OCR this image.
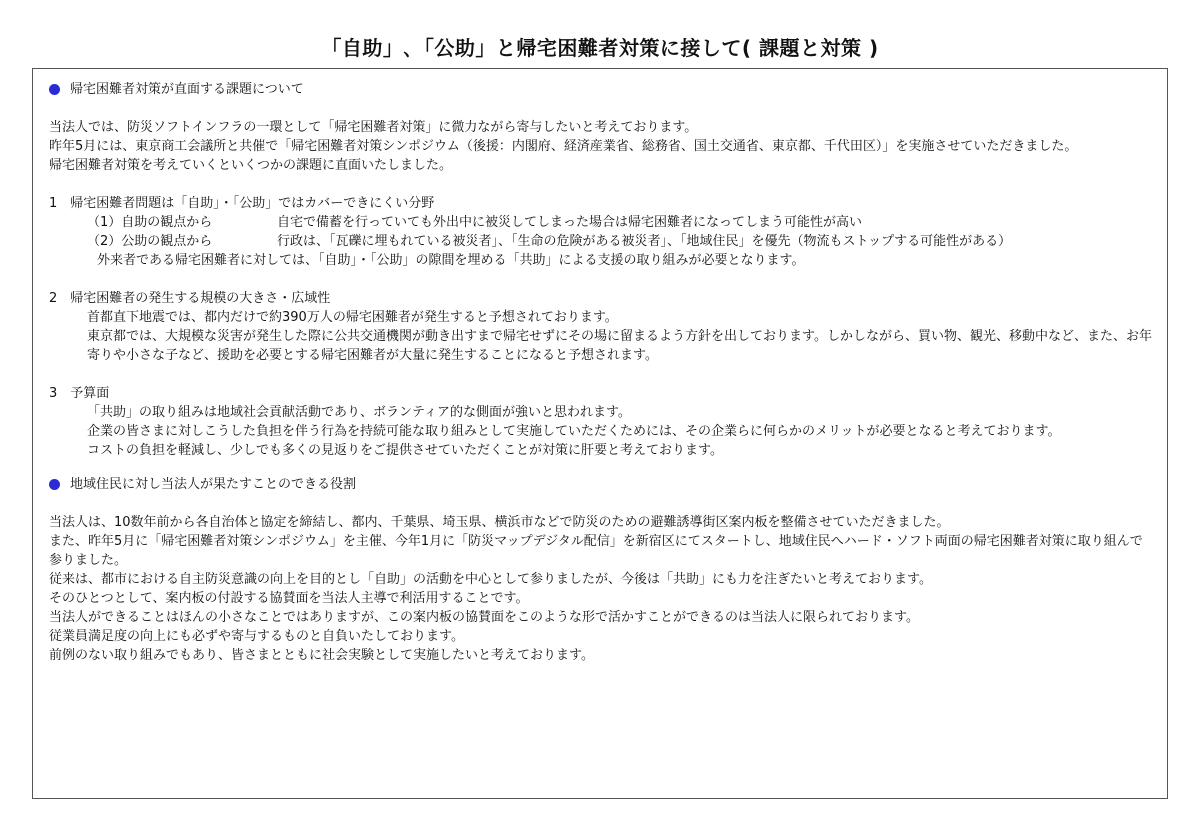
「自助」､「公助」と帰宅困難者対策に接して( 課題と対策 )
帰宅困難者対策が直面する課題について
当法人では、防災ソフトインフラの一環として「帰宅困難者対策」に微力ながら寄与したいと考えております。
昨年5月には、東京商工会議所と共催で「帰宅困難者対策シンポジウム（後援：内閣府、経済産業省、総務省、国土交通省、東京都、千代田区）」を実施させていただきました。
帰宅困難者対策を考えていくといくつかの課題に直面いたしました。
1　帰宅困難者問題は「自助」・「公助」ではカバーできにくい分野
（1）自助の観点から	自宅で備蓄を行っていても外出中に被災してしまった場合は帰宅困難者になってしまう可能性が高い
（2）公助の観点から	行政は、「瓦礫に埋もれている被災者」、「生命の危険がある被災者」、「地域住民」を優先（物流もストップする可能性がある）
外来者である帰宅困難者に対しては、「自助」・「公助」の隙間を埋める「共助」による支援の取り組みが必要となります。
2　帰宅困難者の発生する規模の大きさ・広域性
首都直下地震では、都内だけで約390万人の帰宅困難者が発生すると予想されております。
東京都では、大規模な災害が発生した際に公共交通機関が動き出すまで帰宅せずにその場に留まるよう方針を出しております。しかしながら、買い物、観光、移動中など、また、お年寄りや小さな子など、援助を必要とする帰宅困難者が大量に発生することになると予想されます。
3　予算面
「共助」の取り組みは地域社会貢献活動であり、ボランティア的な側面が強いと思われます。
企業の皆さまに対しこうした負担を伴う行為を持続可能な取り組みとして実施していただくためには、その企業らに何らかのメリットが必要となると考えております。
コストの負担を軽減し、少しでも多くの見返りをご提供させていただくことが対策に肝要と考えております。
地域住民に対し当法人が果たすことのできる役割
当法人は、10数年前から各自治体と協定を締結し、都内、千葉県、埼玉県、横浜市などで防災のための避難誘導街区案内板を整備させていただきました。
また、昨年5月に「帰宅困難者対策シンポジウム」を主催、今年1月に「防災マップデジタル配信」を新宿区にてスタートし、地域住民へハード・ソフト両面の帰宅困難者対策に取り組んで参りました。
従来は、都市における自主防災意識の向上を目的とし「自助」の活動を中心として参りましたが、今後は「共助」にも力を注ぎたいと考えております。
そのひとつとして、案内板の付設する協賛面を当法人主導で利活用することです。
当法人ができることはほんの小さなことではありますが、この案内板の協賛面をこのような形で活かすことができるのは当法人に限られております。
従業員満足度の向上にも必ずや寄与するものと自負いたしております。
前例のない取り組みでもあり、皆さまとともに社会実験として実施したいと考えております。
